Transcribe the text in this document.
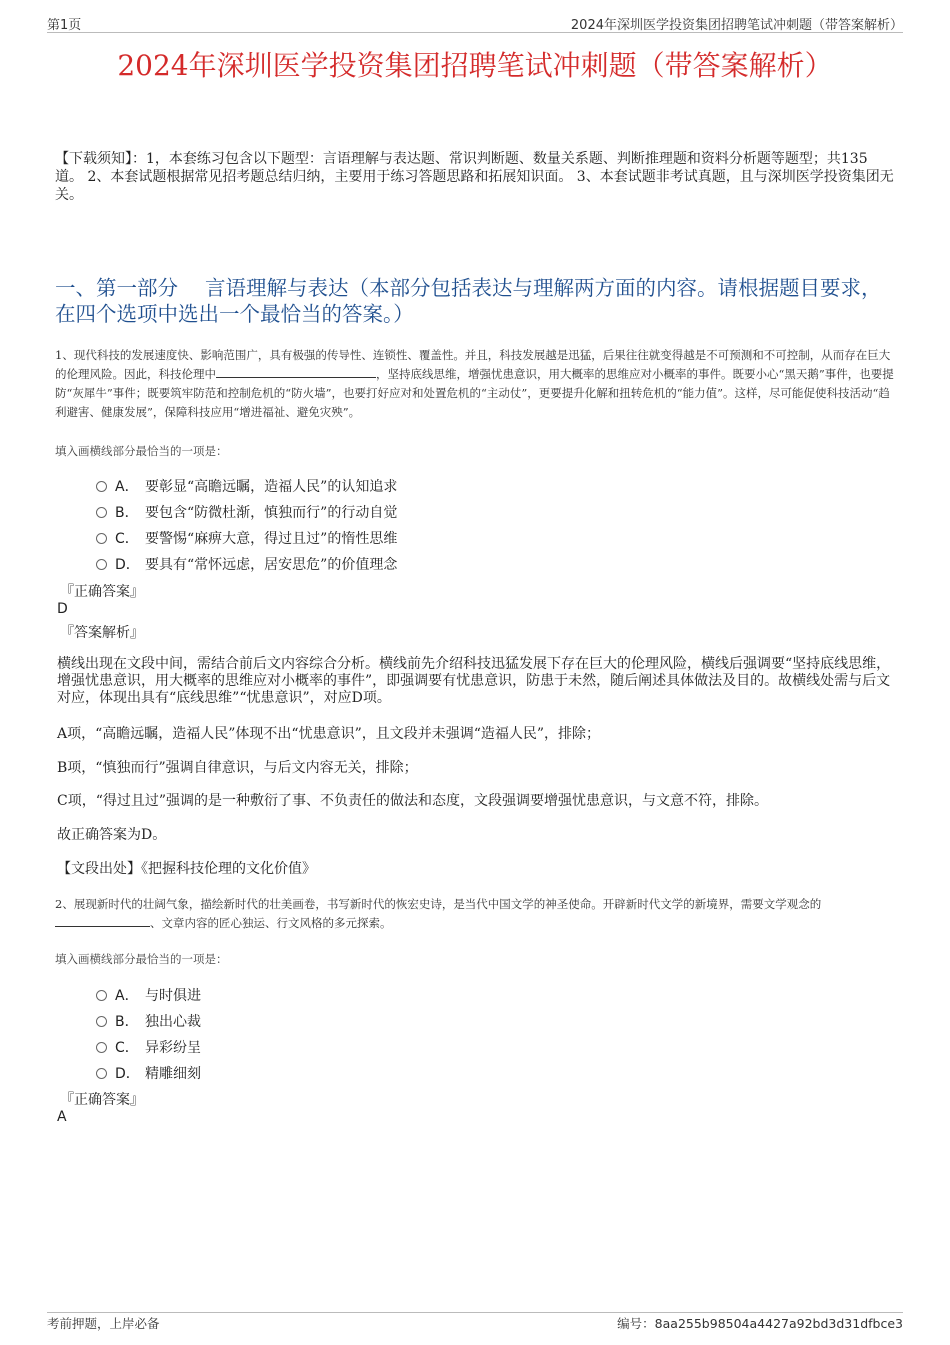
第1页	2024年深圳医学投资集团招聘笔试冲刺题（带答案解析）
2024年深圳医学投资集团招聘笔试冲刺题（带答案解析）
【下载须知】：1，本套练习包含以下题型：言语理解与表达题、常识判断题、数量关系题、判断推理题和资料分析题等题型；共135道。 2、本套试题根据常见招考题总结归纳，主要用于练习答题思路和拓展知识面。 3、本套试题非考试真题，且与深圳医学投资集团无关。
一、第一部分　 言语理解与表达（本部分包括表达与理解两方面的内容。请根据题目要求，在四个选项中选出一个最恰当的答案。）
1、现代科技的发展速度快、影响范围广，具有极强的传导性、连锁性、覆盖性。并且，科技发展越是迅猛，后果往往就变得越是不可预测和不可控制，从而存在巨大的伦理风险。因此，科技伦理中	，坚持底线思维，增强忧患意识，用大概率的思维应对小概率的事件。既要小心“黑天鹅”事件，也要提防“灰犀牛”事件；既要筑牢防范和控制危机的“防火墙”，也要打好应对和处置危机的“主动仗”，更要提升化解和扭转危机的“能力值”。这样，尽可能促使科技活动“趋利避害、健康发展”，保障科技应用“增进福祉、避免灾殃”。
填入画横线部分最恰当的一项是：
A． 要彰显“高瞻远瞩，造福人民”的认知追求
B． 要包含“防微杜渐，慎独而行”的行动自觉
C． 要警惕“麻痹大意，得过且过”的惰性思维
D． 要具有“常怀远虑，居安思危”的价值理念
『正确答案』
D
『答案解析』
横线出现在文段中间，需结合前后文内容综合分析。横线前先介绍科技迅猛发展下存在巨大的伦理风险，横线后强调要“坚持底线思维，增强忧患意识，用大概率的思维应对小概率的事件”，即强调要有忧患意识，防患于未然，随后阐述具体做法及目的。故横线处需与后文对应，体现出具有“底线思维”“忧患意识”，对应D项。
A项，“高瞻远瞩，造福人民”体现不出“忧患意识”，且文段并未强调“造福人民”，排除；
B项，“慎独而行”强调自律意识，与后文内容无关，排除；
C项，“得过且过”强调的是一种敷衍了事、不负责任的做法和态度，文段强调要增强忧患意识，与文意不符，排除。
故正确答案为D。
【文段出处】《把握科技伦理的文化价值》
2、展现新时代的壮阔气象，描绘新时代的壮美画卷，书写新时代的恢宏史诗，是当代中国文学的神圣使命。开辟新时代文学的新境界，需要文学观念的、文章内容的匠心独运、行文风格的多元探索。
填入画横线部分最恰当的一项是：
A． 与时俱进
B． 独出心裁
C． 异彩纷呈
D． 精雕细刻
『正确答案』
A
考前押题，上岸必备	编号：8aa255b98504a4427a92bd3d31dfbce3
